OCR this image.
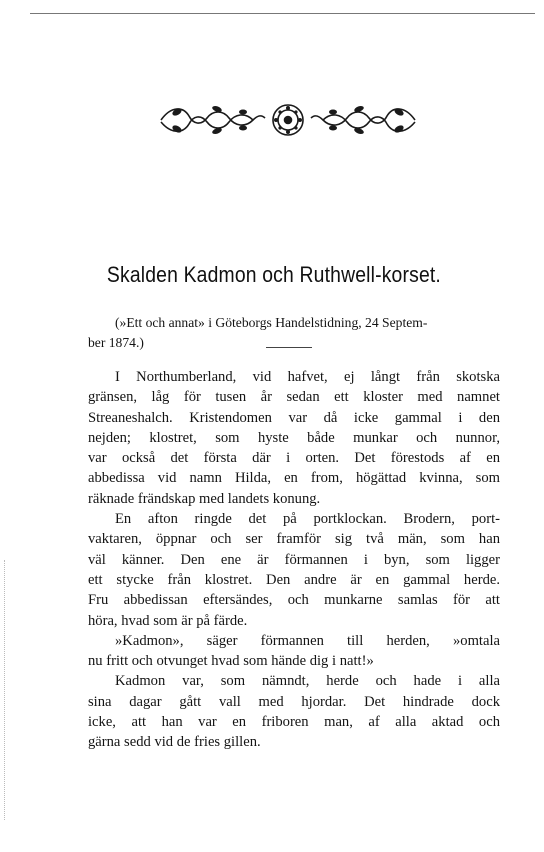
Skalden Kadmon och Ruthwell-korset.

(»Ett och annat» i Göteborgs Handelstidning, 24 Septem-
ber 1874.)

I Northumberland, vid hafvet, ej långt från skotska
gränsen, låg för tusen år sedan ett kloster med namnet
Streaneshalch. Kristendomen var då icke gammal i den
nejden; klostret, som hyste både munkar och nunnor,
var också det första där i orten. Det förestods af en
abbedissa vid namn Hilda, en from, högättad kvinna, som
räknade frändskap med landets konung.
En afton ringde det på portklockan. Brodern, port-
vaktaren, öppnar och ser framför sig två män, som han
väl känner. Den ene är förmannen i byn, som ligger
ett stycke från klostret. Den andre är en gammal herde.
Fru abbedissan eftersändes, och munkarne samlas för att
höra, hvad som är på färde.
»Kadmon», säger förmannen till herden, »omtala
nu fritt och otvunget hvad som hände dig i natt!»
Kadmon var, som nämndt, herde och hade i alla
sina dagar gått vall med hjordar. Det hindrade dock
icke, att han var en friboren man, af alla aktad och
gärna sedd vid de fries gillen.
